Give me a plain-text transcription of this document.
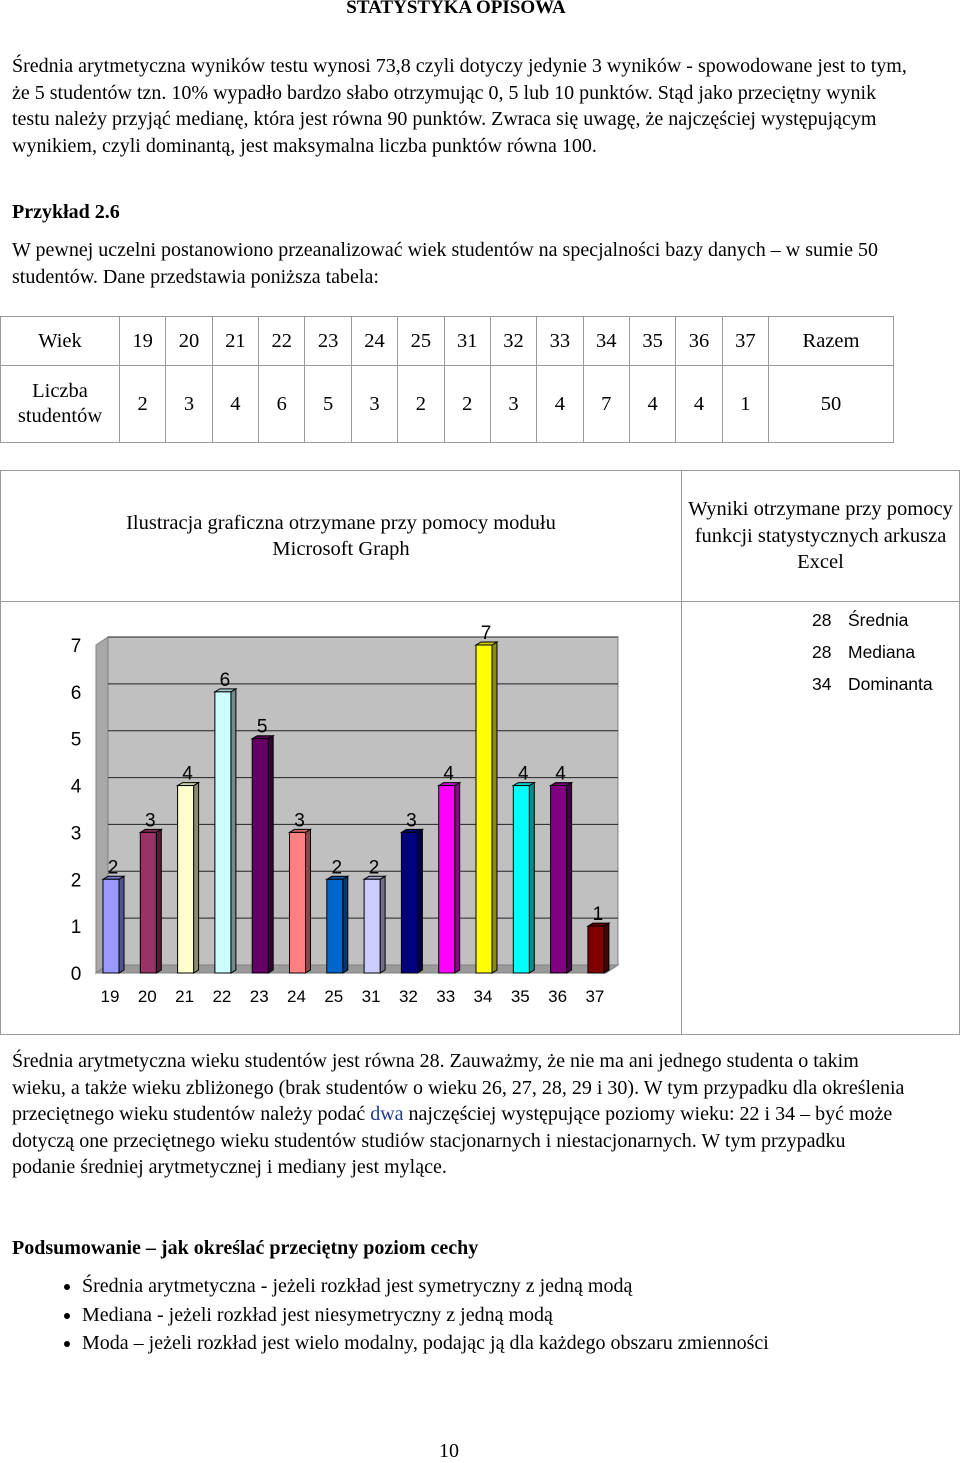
STATYSTYKA OPISOWA

Średnia arytmetyczna wyników testu wynosi 73,8 czyli dotyczy jedynie 3 wyników - spowodowane jest to tym, że 5 studentów tzn. 10% wypadło bardzo słabo otrzymując 0, 5 lub 10 punktów. Stąd jako przeciętny wynik testu należy przyjąć medianę, która jest równa 90 punktów. Zwraca się uwagę, że najczęściej występującym wynikiem, czyli dominantą, jest maksymalna liczba punktów równa 100.

Przykład 2.6

W pewnej uczelni postanowiono przeanalizować wiek studentów na specjalności bazy danych – w sumie 50 studentów. Dane przedstawia poniższa tabela:

Wiek	19	20	21	22	23	24	25	31	32	33	34	35	36	37	Razem
Liczba studentów	2	3	4	6	5	3	2	2	3	4	7	4	4	1	50
Ilustracja graficzna otrzymane przy pomocy modułu Microsoft Graph	Wyniki otrzymane przy pomocy funkcji statystycznych arkusza Excel

0
1
2
3
4
5
6
7
2
19
3
20
4
21
6
22
5
23
3
24
2
25
2
31
3
32
4
33
7
34
4
35
4
36
1
37
28 Średnia
28 Mediana
34 Dominanta

Średnia arytmetyczna wieku studentów jest równa 28. Zauważmy, że nie ma ani jednego studenta o takim wieku, a także wieku zbliżonego (brak studentów o wieku 26, 27, 28, 29 i 30). W tym przypadku dla określenia przeciętnego wieku studentów należy podać dwa najczęściej występujące poziomy wieku: 22 i 34 – być może dotyczą one przeciętnego wieku studentów studiów stacjonarnych i niestacjonarnych. W tym przypadku podanie średniej arytmetycznej i mediany jest mylące.

Podsumowanie – jak określać przeciętny poziom cechy
• Średnia arytmetyczna - jeżeli rozkład jest symetryczny z jedną modą
• Mediana - jeżeli rozkład jest niesymetryczny z jedną modą
• Moda – jeżeli rozkład jest wielo modalny, podając ją dla każdego obszaru zmienności
10
